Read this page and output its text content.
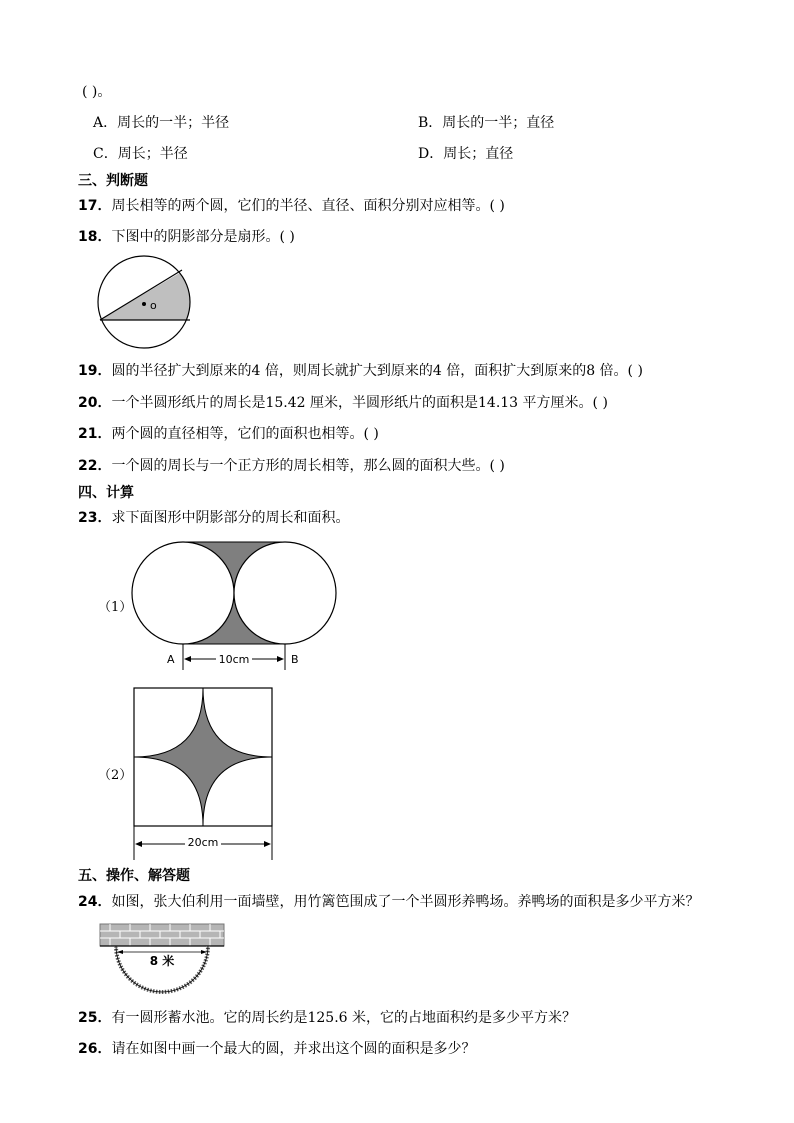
( )。
A．周长的一半；半径	B．周长的一半；直径
C．周长；半径	D．周长；直径
三、判断题
17．周长相等的两个圆，它们的半径、直径、面积分别对应相等。( )
18．下图中的阴影部分是扇形。( )
o
19．圆的半径扩大到原来的4 倍，则周长就扩大到原来的4 倍，面积扩大到原来的8 倍。( )
20．一个半圆形纸片的周长是15.42 厘米，半圆形纸片的面积是14.13 平方厘米。( )
21．两个圆的直径相等，它们的面积也相等。( )
22．一个圆的周长与一个正方形的周长相等，那么圆的面积大些。( )
四、计算
23．求下面图形中阴影部分的周长和面积。
（1）
10cm
A	B
（2）
20cm
五、操作、解答题
24．如图，张大伯利用一面墙壁，用竹篱笆围成了一个半圆形养鸭场。养鸭场的面积是多少平方米？
8 米
25．有一圆形蓄水池。它的周长约是125.6 米，它的占地面积约是多少平方米？
26．请在如图中画一个最大的圆，并求出这个圆的面积是多少？
